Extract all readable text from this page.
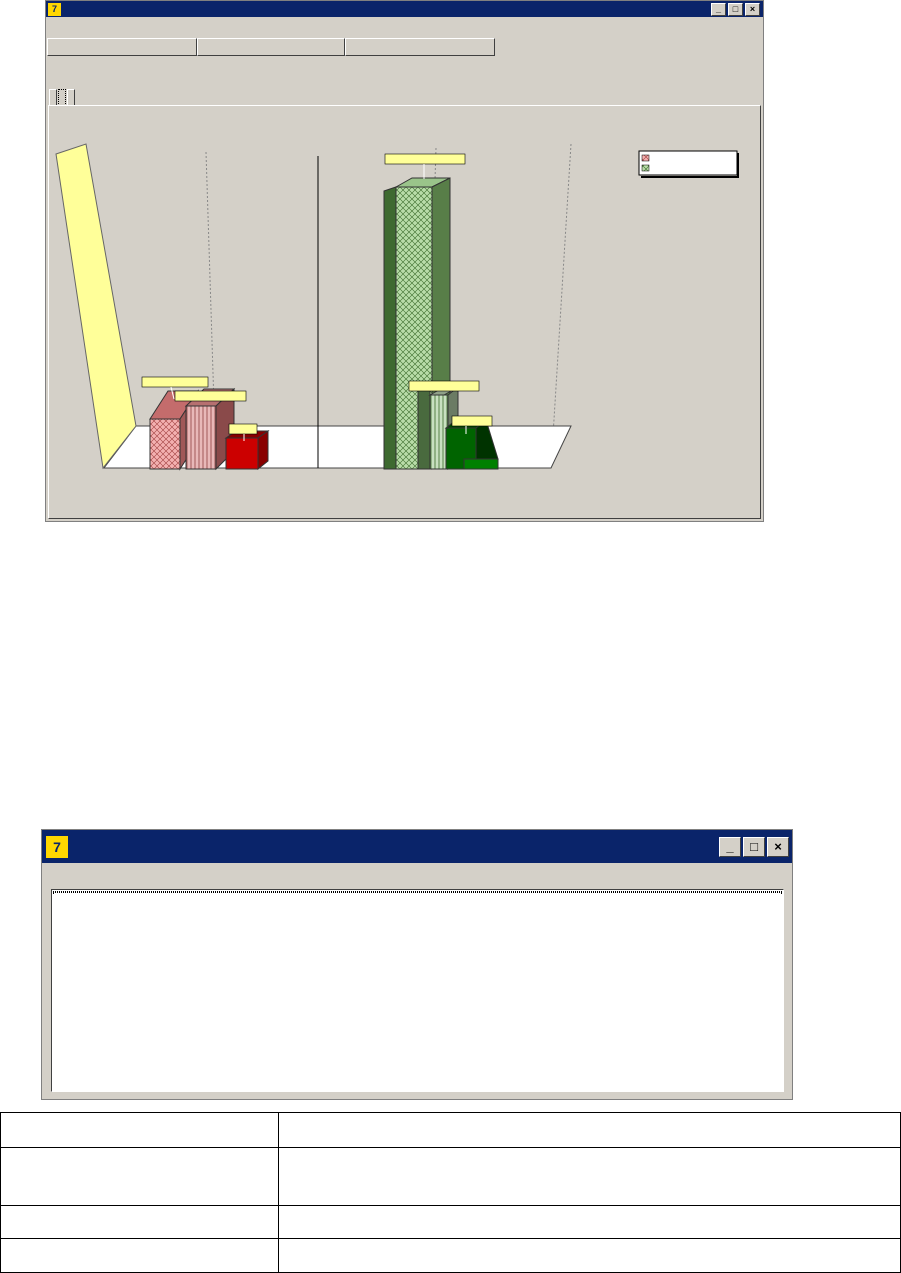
7	_	□	×
7	_	□	×
